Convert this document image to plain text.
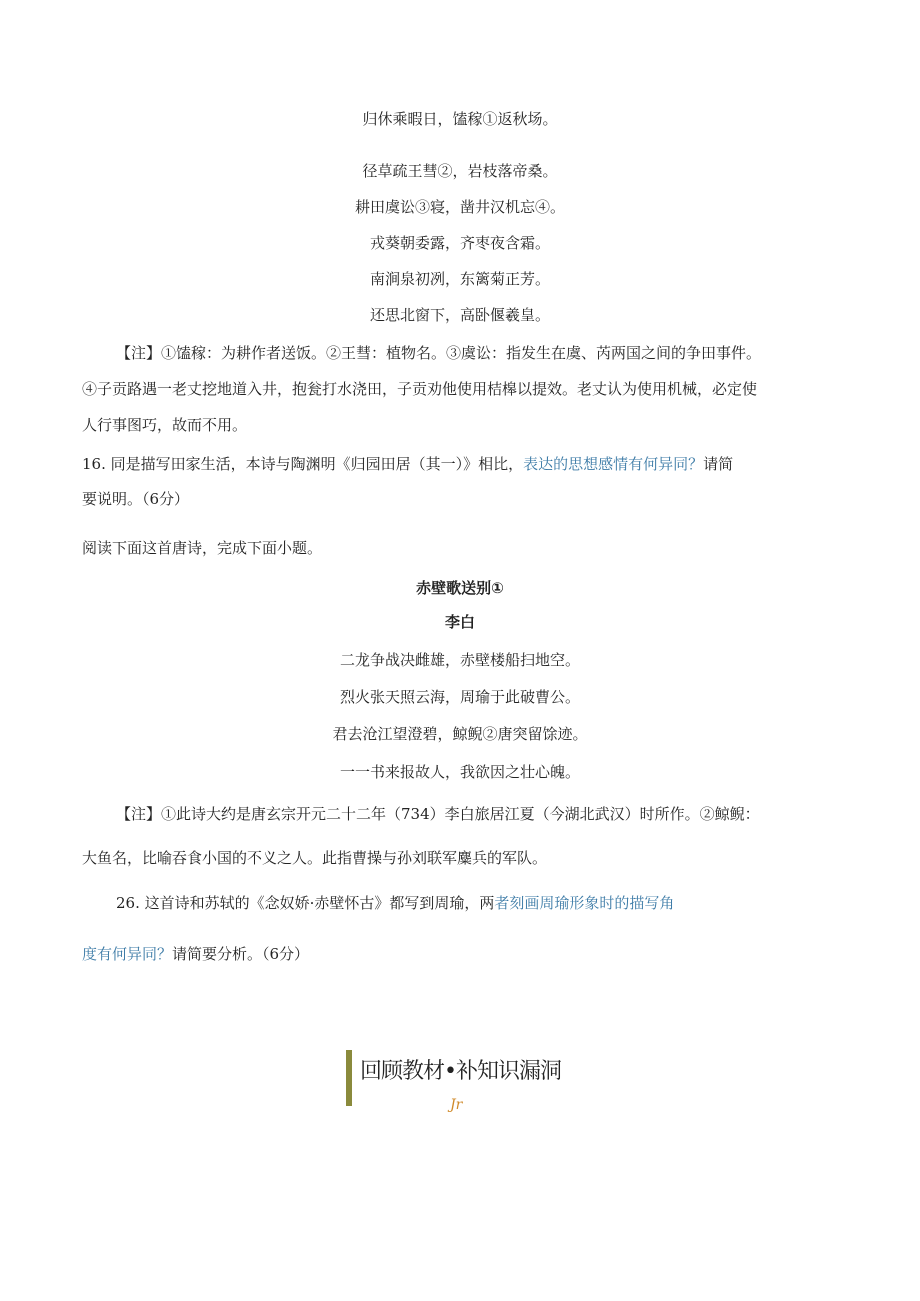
归休乘暇日，馌稼①返秋场。
径草疏王彗②，岩枝落帝桑。
耕田虞讼③寝，凿井汉机忘④。
戎葵朝委露，齐枣夜含霜。
南涧泉初冽，东篱菊正芳。
还思北窗下，高卧偃羲皇。
【注】①馌稼：为耕作者送饭。②王彗：植物名。③虞讼：指发生在虞、芮两国之间的争田事件。
④子贡路遇一老丈挖地道入井，抱瓮打水浇田，子贡劝他使用桔槔以提效。老丈认为使用机械，必定使
人行事图巧，故而不用。
16. 同是描写田家生活，本诗与陶渊明《归园田居（其一）》相比，表达的思想感情有何异同？请简
要说明。（6分）
阅读下面这首唐诗，完成下面小题。
赤壁歌送别①
李白
二龙争战决雌雄，赤壁楼船扫地空。
烈火张天照云海，周瑜于此破曹公。
君去沧江望澄碧，鲸鲵②唐突留馀迹。
一一书来报故人，我欲因之壮心魄。
【注】①此诗大约是唐玄宗开元二十二年（734）李白旅居江夏（今湖北武汉）时所作。②鲸鲵：
大鱼名，比喻吞食小国的不义之人。此指曹操与孙刘联军麋兵的军队。
26. 这首诗和苏轼的《念奴娇·赤壁怀古》都写到周瑜，两者刻画周瑜形象时的描写角
度有何异同？请简要分析。（6分）
回顾教材•补知识漏洞
Jr
